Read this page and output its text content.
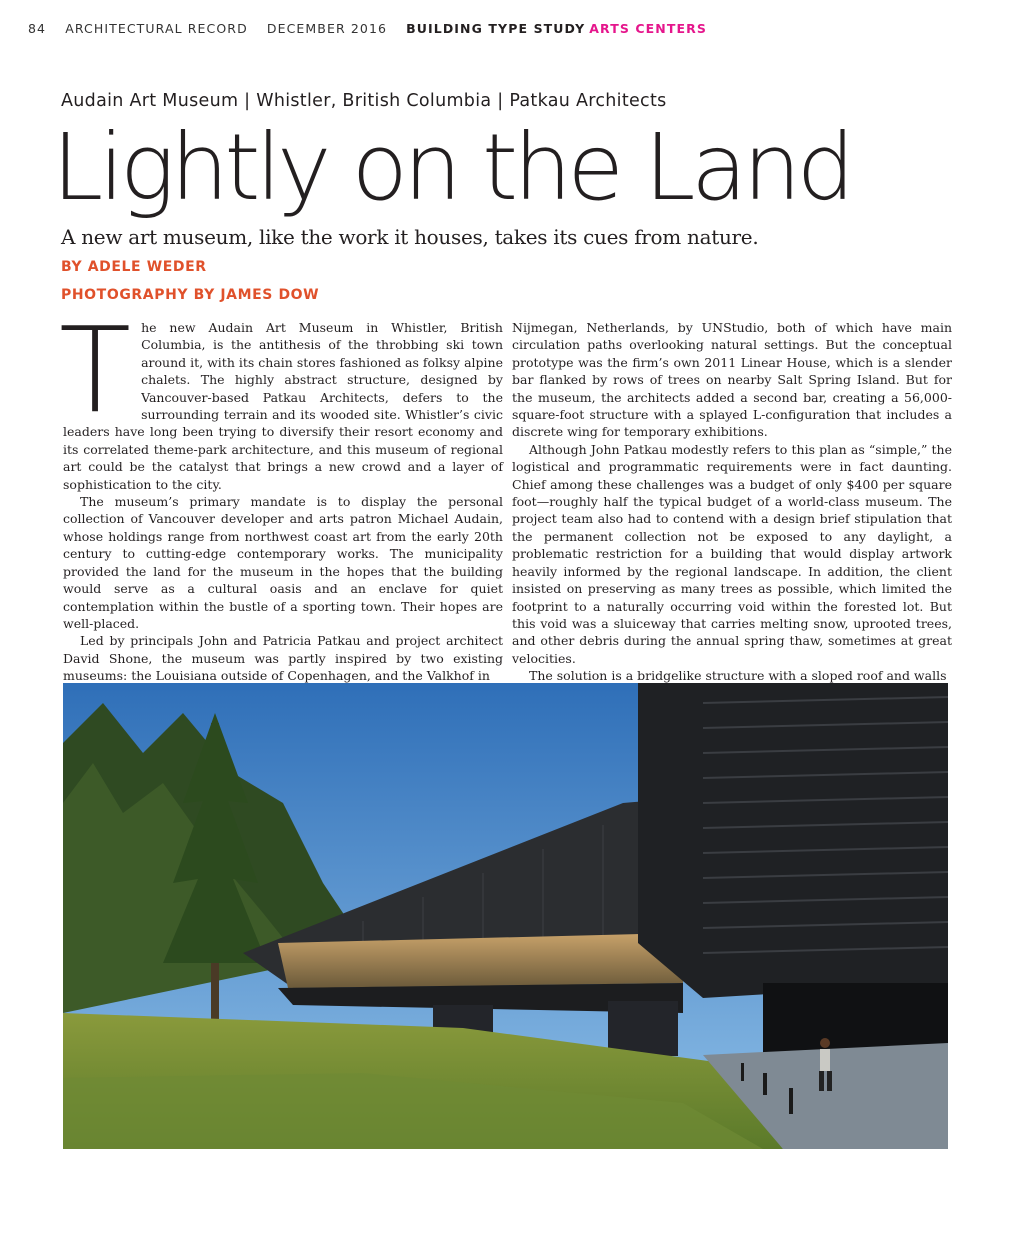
84 ARCHITECTURAL RECORD DECEMBER 2016 BUILDING TYPE STUDY ARTS CENTERS
Audain Art Museum | Whistler, British Columbia | Patkau Architects
Lightly on the Land
A new art museum, like the work it houses, takes its cues from nature.
BY ADELE WEDER
PHOTOGRAPHY BY JAMES DOW

The new Audain Art Museum in Whistler, British Columbia, is the antithesis of the throbbing ski town around it, with its chain stores fashioned as folksy alpine chalets. The highly abstract structure, designed by Vancouver-based Patkau Architects, defers to the surrounding terrain and its wooded site. Whistler’s civic leaders have long been trying to diversify their resort economy and its correlated theme-park architecture, and this museum of regional art could be the catalyst that brings a new crowd and a layer of sophistication to the city.

The museum’s primary mandate is to display the personal collection of Vancouver developer and arts patron Michael Audain, whose holdings range from northwest coast art from the early 20th century to cutting-edge contemporary works. The municipality provided the land for the museum in the hopes that the building would serve as a cultural oasis and an enclave for quiet contemplation within the bustle of a sporting town. Their hopes are well-placed.

Led by principals John and Patricia Patkau and project architect David Shone, the museum was partly inspired by two existing museums: the Louisiana outside of Copenhagen, and the Valkhof in

Nijmegan, Netherlands, by UNStudio, both of which have main circulation paths overlooking natural settings. But the conceptual prototype was the firm’s own 2011 Linear House, which is a slender bar flanked by rows of trees on nearby Salt Spring Island. But for the museum, the architects added a second bar, creating a 56,000-square-foot structure with a splayed L-configuration that includes a discrete wing for temporary exhibitions.

Although John Patkau modestly refers to this plan as “simple,” the logistical and programmatic requirements were in fact daunting. Chief among these challenges was a budget of only $400 per square foot—roughly half the typical budget of a world-class museum. The project team also had to contend with a design brief stipulation that the permanent collection not be exposed to any daylight, a problematic restriction for a building that would display artwork heavily informed by the regional landscape. In addition, the client insisted on preserving as many trees as possible, which limited the footprint to a naturally occurring void within the forested lot. But this void was a sluiceway that carries melting snow, uprooted trees, and other debris during the annual spring thaw, sometimes at great velocities.

The solution is a bridgelike structure with a sloped roof and walls
